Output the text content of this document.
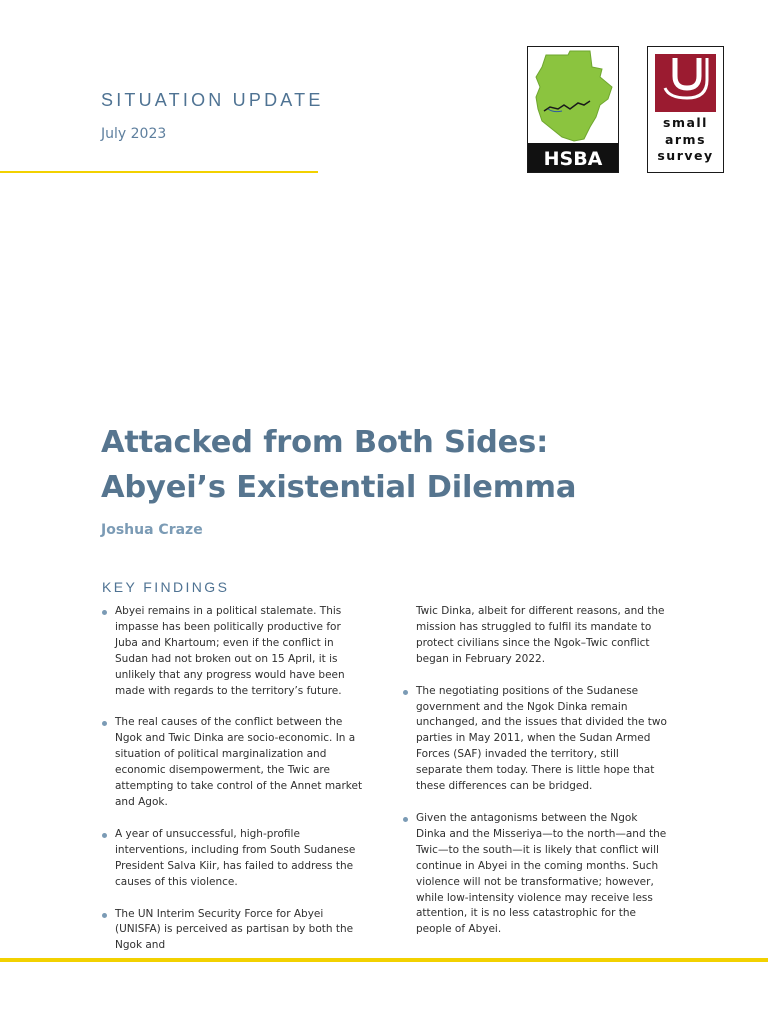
SITUATION UPDATE
July 2023
HSBA
small
arms
survey
Attacked from Both Sides:
Abyei’s Existential Dilemma
Joshua Craze
KEY FINDINGS

Abyei remains in a political stalemate. This impasse has been politically productive for Juba and Khartoum; even if the conflict in Sudan had not broken out on 15 April, it is unlikely that any progress would have been made with regards to the territory’s future.

The real causes of the conflict between the Ngok and Twic Dinka are socio-economic. In a situation of political marginalization and economic disempowerment, the Twic are attempting to take control of the Annet market and Agok.

A year of unsuccessful, high-profile interventions, including from South Sudanese President Salva Kiir, has failed to address the causes of this violence.

The UN Interim Security Force for Abyei (UNISFA) is perceived as partisan by both the Ngok and

Twic Dinka, albeit for different reasons, and the mission has struggled to fulfil its mandate to protect civilians since the Ngok–Twic conflict began in February 2022.

The negotiating positions of the Sudanese government and the Ngok Dinka remain unchanged, and the issues that divided the two parties in May 2011, when the Sudan Armed Forces (SAF) invaded the territory, still separate them today. There is little hope that these differences can be bridged.

Given the antagonisms between the Ngok Dinka and the Misseriya—to the north—and the Twic—to the south—it is likely that conflict will continue in Abyei in the coming months. Such violence will not be transformative; however, while low-intensity violence may receive less attention, it is no less catastrophic for the people of Abyei.
